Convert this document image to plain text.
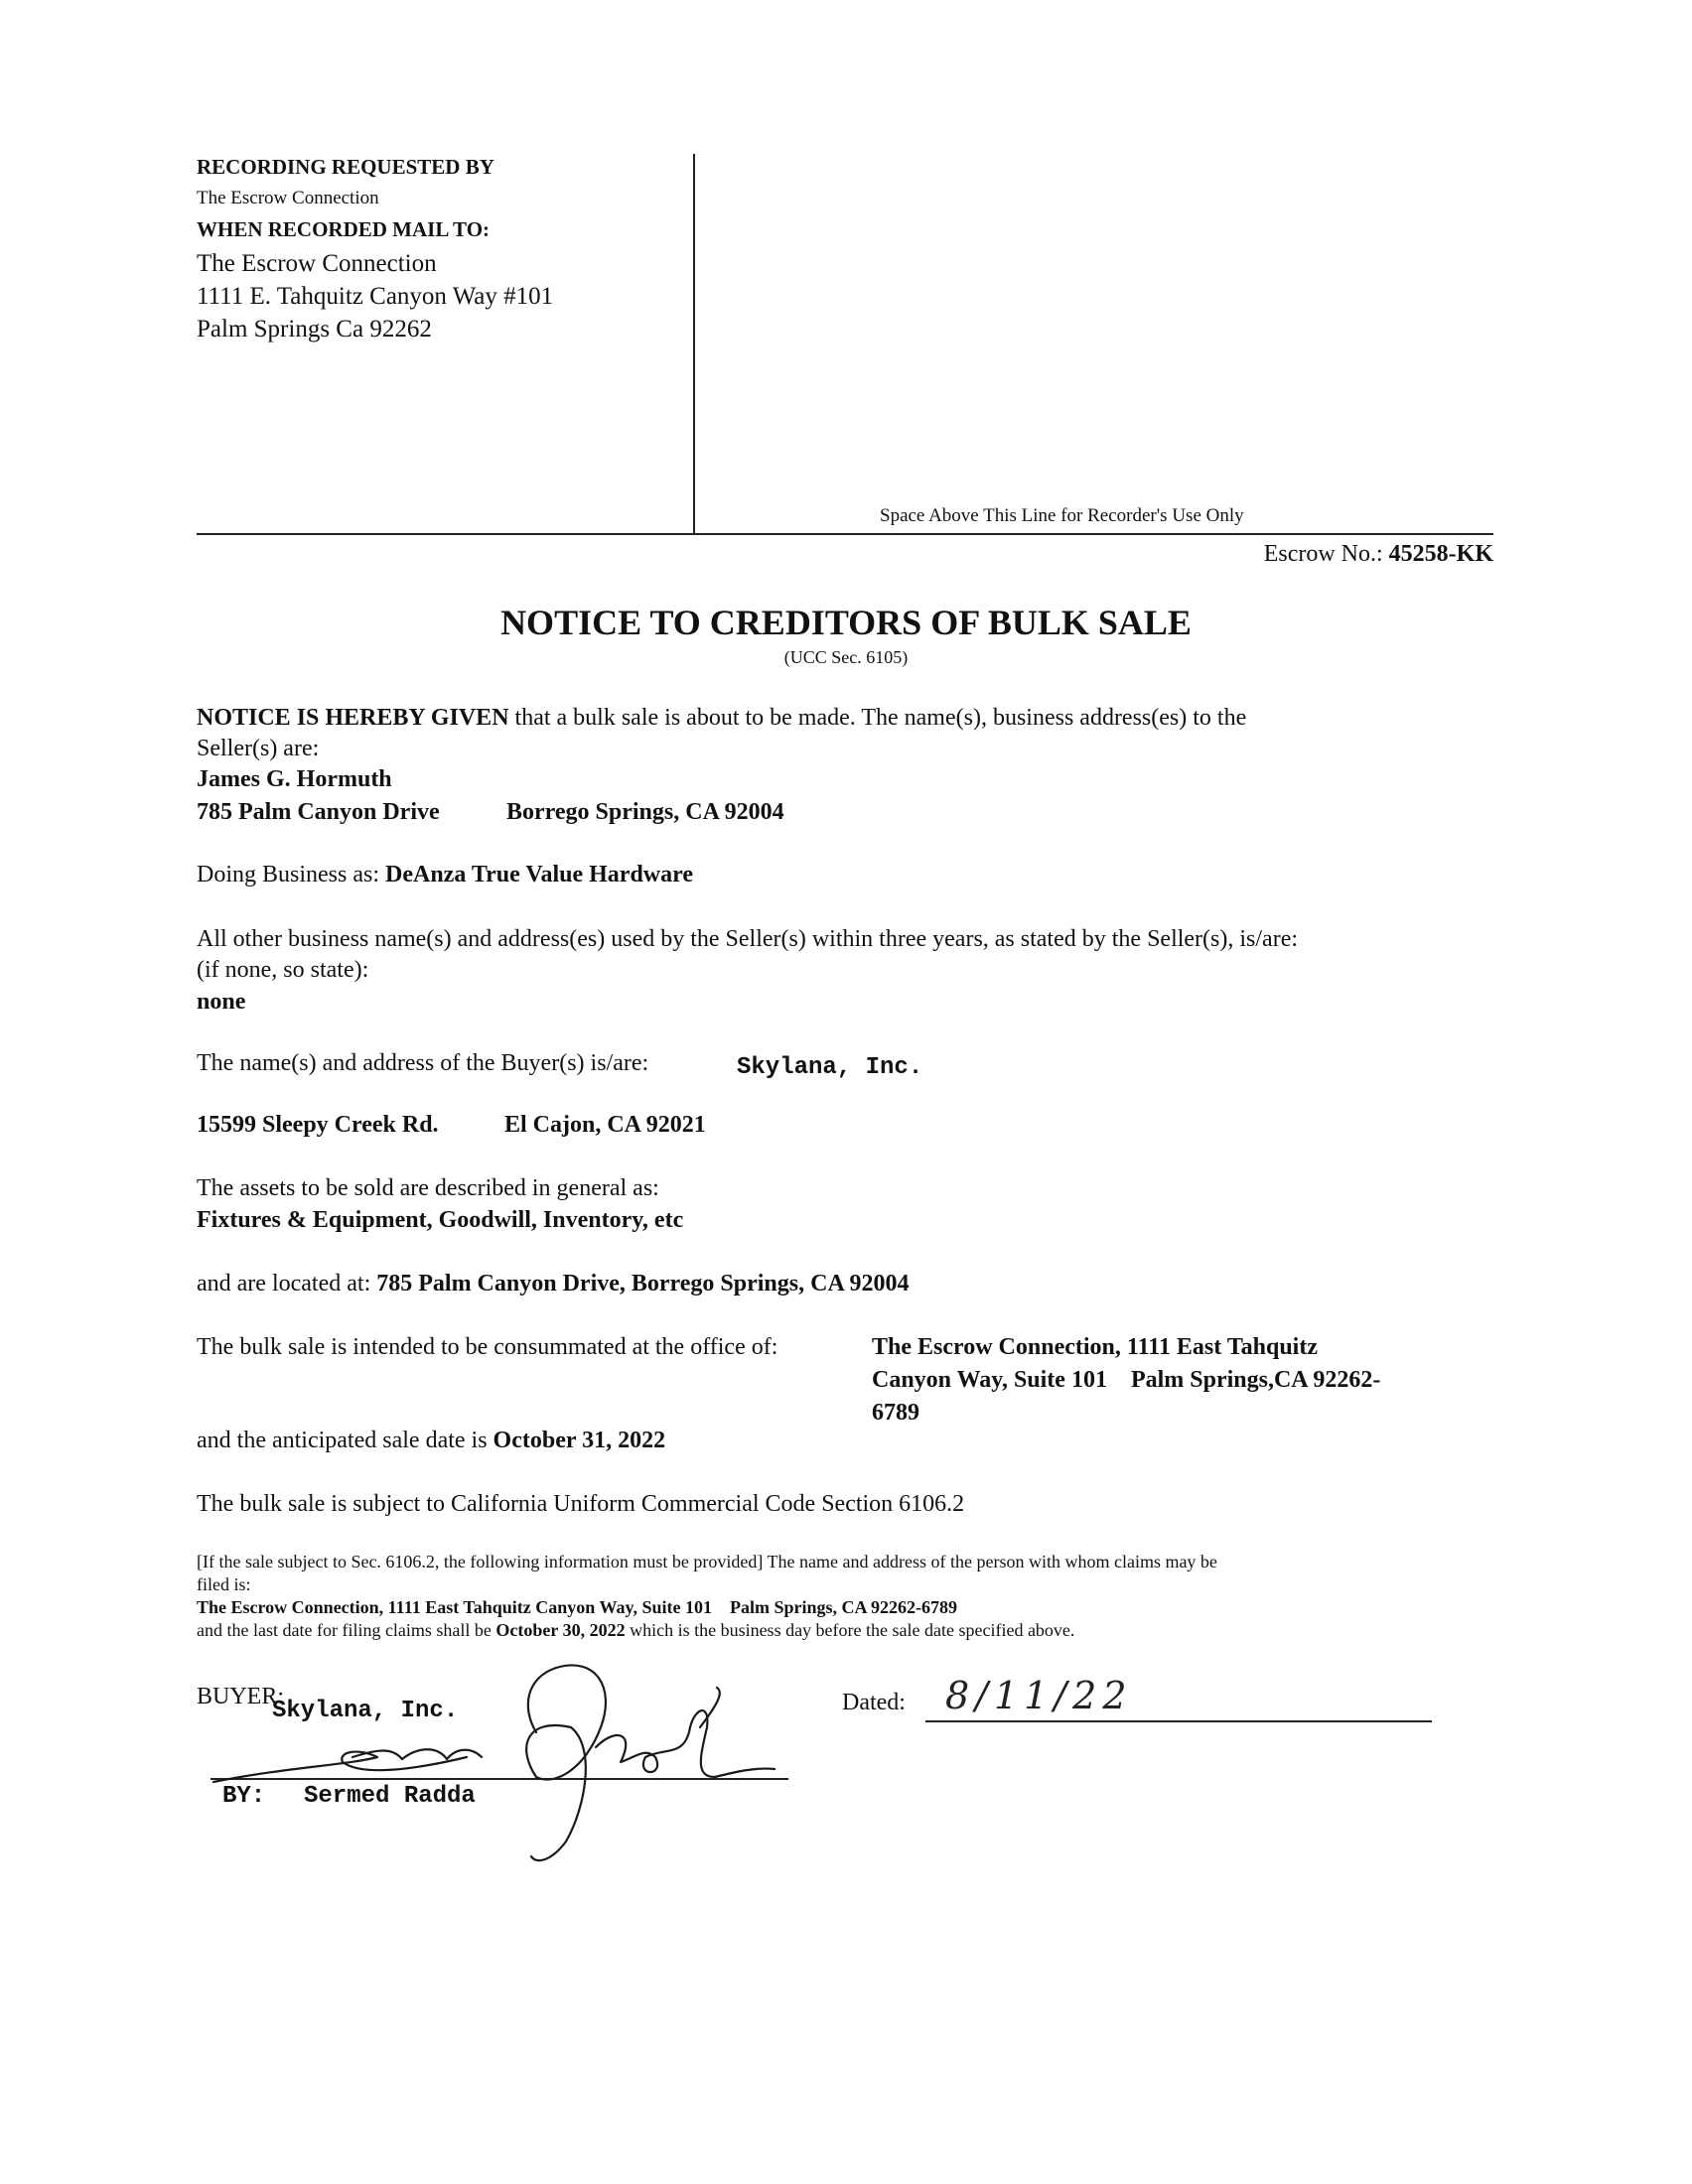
RECORDING REQUESTED BY
The Escrow Connection
WHEN RECORDED MAIL TO:
The Escrow Connection
1111 E. Tahquitz Canyon Way #101
Palm Springs Ca 92262
Space Above This Line for Recorder's Use Only
Escrow No.: 45258-KK
NOTICE TO CREDITORS OF BULK SALE
(UCC Sec. 6105)
NOTICE IS HEREBY GIVEN that a bulk sale is about to be made. The name(s), business address(es) to the
Seller(s) are:
James G. Hormuth
785 Palm Canyon Drive	Borrego Springs, CA 92004
Doing Business as: DeAnza True Value Hardware
All other business name(s) and address(es) used by the Seller(s) within three years, as stated by the Seller(s), is/are:
(if none, so state):
none
The name(s) and address of the Buyer(s) is/are:	Skylana, Inc.
15599 Sleepy Creek Rd.	El Cajon, CA 92021
The assets to be sold are described in general as:
Fixtures & Equipment, Goodwill, Inventory, etc
and are located at: 785 Palm Canyon Drive, Borrego Springs, CA 92004
The bulk sale is intended to be consummated at the office of:	The Escrow Connection, 1111 East Tahquitz
Canyon Way, Suite 101    Palm Springs,CA 92262-
6789
and the anticipated sale date is October 31, 2022
The bulk sale is subject to California Uniform Commercial Code Section 6106.2
[If the sale subject to Sec. 6106.2, the following information must be provided] The name and address of the person with whom claims may be
filed is:
The Escrow Connection, 1111 East Tahquitz Canyon Way, Suite 101    Palm Springs, CA 92262-6789
and the last date for filing claims shall be October 30, 2022 which is the business day before the sale date specified above.
BUYER:
Skylana, Inc.
BY: Sermed Radda
Dated: 8/11/22
